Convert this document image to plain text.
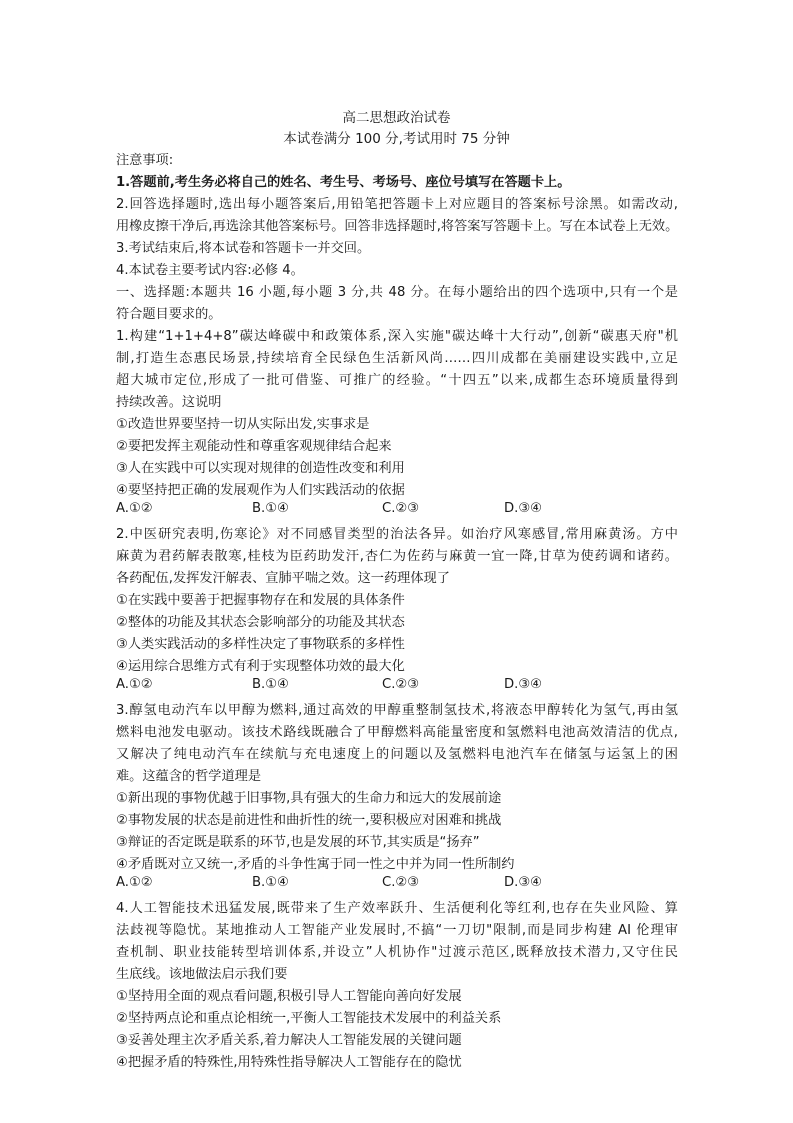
高二思想政治试卷
本试卷满分 100 分,考试用时 75 分钟
注意事项:
1.答题前,考生务必将自己的姓名、考生号、考场号、座位号填写在答题卡上。
2.回答选择题时,选出每小题答案后,用铅笔把答题卡上对应题目的答案标号涂黑。如需改动,
用橡皮擦干净后,再选涂其他答案标号。回答非选择题时,将答案写答题卡上。写在本试卷上无效。
3.考试结束后,将本试卷和答题卡一并交回。
4.本试卷主要考试内容:必修 4。
一、选择题:本题共 16 小题,每小题 3 分,共 48 分。在每小题给出的四个选项中,只有一个是
符合题目要求的。
1.构建“1+1+4+8”碳达峰碳中和政策体系,深入实施"碳达峰十大行动”,创新“碳惠天府"机
制,打造生态惠民场景,持续培育全民绿色生活新风尚……四川成都在美丽建设实践中,立足
超大城市定位,形成了一批可借鉴、可推广的经验。“十四五”以来,成都生态环境质量得到
持续改善。这说明
①改造世界要坚持一切从实际出发,实事求是
②要把发挥主观能动性和尊重客观规律结合起来
③人在实践中可以实现对规律的创造性改变和利用
④要坚持把正确的发展观作为人们实践活动的依据
A.①②	B.①④	C.②③	D.③④
2.中医研究表明,伤寒论》对不同感冒类型的治法各异。如治疗风寒感冒,常用麻黄汤。方中
麻黄为君药解表散寒,桂枝为臣药助发汗,杏仁为佐药与麻黄一宜一降,甘草为使药调和诸药。
各药配伍,发挥发汗解表、宣肺平喘之效。这一药理体现了
①在实践中要善于把握事物存在和发展的具体条件
②整体的功能及其状态会影响部分的功能及其状态
③人类实践活动的多样性决定了事物联系的多样性
④运用综合思维方式有利于实现整体功效的最大化
A.①②	B.①④	C.②③	D.③④
3.醇氢电动汽车以甲醇为燃料,通过高效的甲醇重整制氢技术,将液态甲醇转化为氢气,再由氢
燃料电池发电驱动。该技术路线既融合了甲醇燃料高能量密度和氢燃料电池高效清洁的优点,
又解决了纯电动汽车在续航与充电速度上的问题以及氢燃料电池汽车在储氢与运氢上的困
难。这蕴含的哲学道理是
①新出现的事物优越于旧事物,具有强大的生命力和远大的发展前途
②事物发展的状态是前进性和曲折性的统一,要积极应对困难和挑战
③辩证的否定既是联系的环节,也是发展的环节,其实质是“扬弃”
④矛盾既对立又统一,矛盾的斗争性寓于同一性之中并为同一性所制约
A.①②	B.①④	C.②③	D.③④
4.人工智能技术迅猛发展,既带来了生产效率跃升、生活便利化等红利,也存在失业风险、算
法歧视等隐忧。某地推动人工智能产业发展时,不搞“一刀切"限制,而是同步构建 AI 伦理审
查机制、职业技能转型培训体系,并设立”人机协作"过渡示范区,既释放技术潜力,又守住民
生底线。该地做法启示我们要
①坚持用全面的观点看问题,积极引导人工智能向善向好发展
②坚持两点论和重点论相统一,平衡人工智能技术发展中的利益关系
③妥善处理主次矛盾关系,着力解决人工智能发展的关键问题
④把握矛盾的特殊性,用特殊性指导解决人工智能存在的隐忧
